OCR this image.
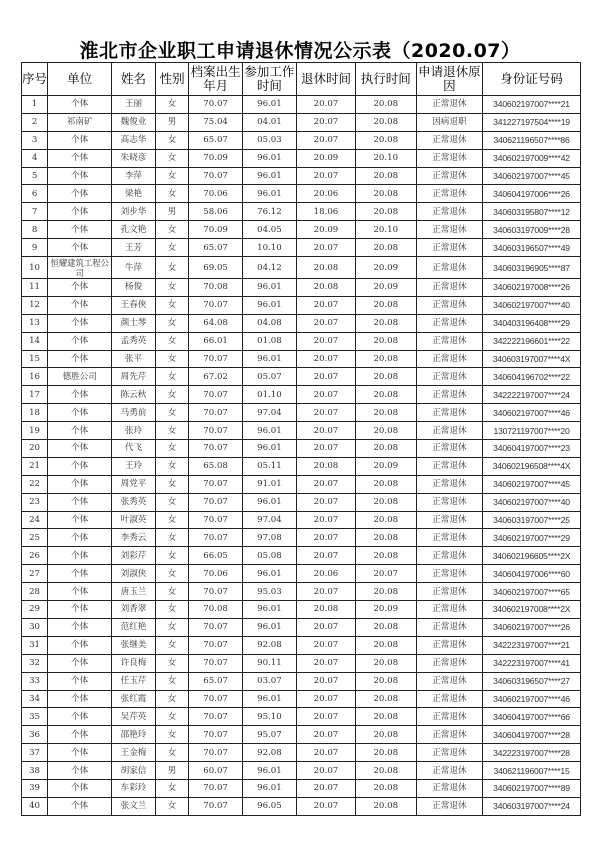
淮北市企业职工申请退休情况公示表（2020.07）
序号	单位	姓名	性别	档案出生年月	参加工作时间	退休时间	执行时间	申请退休原因	身份证号码
1	个体	王丽	女	70.07	96.01	20.07	20.08	正常退休	340602197007****21
2	祁南矿	魏俊业	男	75.04	04.01	20.07	20.08	因病退职	341227197504****19
3	个体	高志华	女	65.07	05.03	20.07	20.08	正常退休	340621196507****86
4	个体	朱晓彦	女	70.09	96.01	20.09	20.10	正常退休	340602197009****42
5	个体	李萍	女	70.07	96.01	20.07	20.08	正常退休	340602197007****45
6	个体	梁艳	女	70.06	96.01	20.06	20.08	正常退休	340604197006****26
7	个体	刘步华	男	58.06	76.12	18.06	20.08	正常退休	340603195807****12
8	个体	孔文艳	女	70.09	04.05	20.09	20.10	正常退休	340603197009****28
9	个体	王芳	女	65.07	10.10	20.07	20.08	正常退休	340603196507****49
10	恒耀建筑工程公司	牛萍	女	69.05	04.12	20.08	20.09	正常退休	340603196905****87
11	个体	杨俊	女	70.08	96.01	20.08	20.09	正常退休	340602197008****26
12	个体	王春俠	女	70.07	96.01	20.07	20.08	正常退休	340602197007****40
13	个体	颜士琴	女	64.08	04.08	20.07	20.08	正常退休	340403196408****29
14	个体	孟秀英	女	66.01	01.08	20.07	20.08	正常退休	342222196601****22
15	个体	张平	女	70.07	96.01	20.07	20.08	正常退休	340603197007****4X
16	德胜公司	周先芹	女	67.02	05.07	20.07	20.08	正常退休	340604196702****22
17	个体	陈云秋	女	70.07	01.10	20.07	20.08	正常退休	342222197007****24
18	个体	马勇前	女	70.07	97.04	20.07	20.08	正常退休	340602197007****46
19	个体	张玲	女	70.07	96.01	20.07	20.08	正常退休	130721197007****20
20	个体	代飞	女	70.07	96.01	20.07	20.08	正常退休	340604197007****23
21	个体	王玲	女	65.08	05.11	20.08	20.09	正常退休	340602196508****4X
22	个体	周党平	女	70.07	91.01	20.07	20.08	正常退休	340602197007****45
23	个体	张秀英	女	70.07	96.01	20.07	20.08	正常退休	340602197007****40
24	个体	叶淑英	女	70.07	97.04	20.07	20.08	正常退休	340603197007****25
25	个体	李秀云	女	70.07	97.08	20.07	20.08	正常退休	340602197007****29
26	个体	刘彩芹	女	66.05	05.08	20.07	20.08	正常退休	340602196605****2X
27	个体	刘淑侠	女	70.06	96.01	20.06	20.07	正常退休	340604197006****60
28	个体	唐玉兰	女	70.07	95.03	20.07	20.08	正常退休	340602197007****65
29	个体	刘香翠	女	70.08	96.01	20.08	20.09	正常退休	340602197008****2X
30	个体	范红艳	女	70.07	96.01	20.07	20.08	正常退休	340602197007****26
31	个体	张继美	女	70.07	92.08	20.07	20.08	正常退休	342223197007****21
32	个体	许良梅	女	70.07	90.11	20.07	20.08	正常退休	342223197007****41
33	个体	任玉芹	女	65.07	03.07	20.07	20.08	正常退休	340603196507****27
34	个体	张红霞	女	70.07	96.01	20.07	20.08	正常退休	340602197007****46
35	个体	吴芹英	女	70.07	95.10	20.07	20.08	正常退休	340604197007****66
36	个体	邵艳玲	女	70.07	95.07	20.07	20.08	正常退休	340604197007****28
37	个体	王金梅	女	70.07	92.08	20.07	20.08	正常退休	342223197007****28
38	个体	胡家信	男	60.07	96.01	20.07	20.08	正常退休	340621196007****15
39	个体	车彩玲	女	70.07	96.01	20.07	20.08	正常退休	340602197007****89
40	个体	张文兰	女	70.07	96.05	20.07	20.08	正常退休	340603197007****24
